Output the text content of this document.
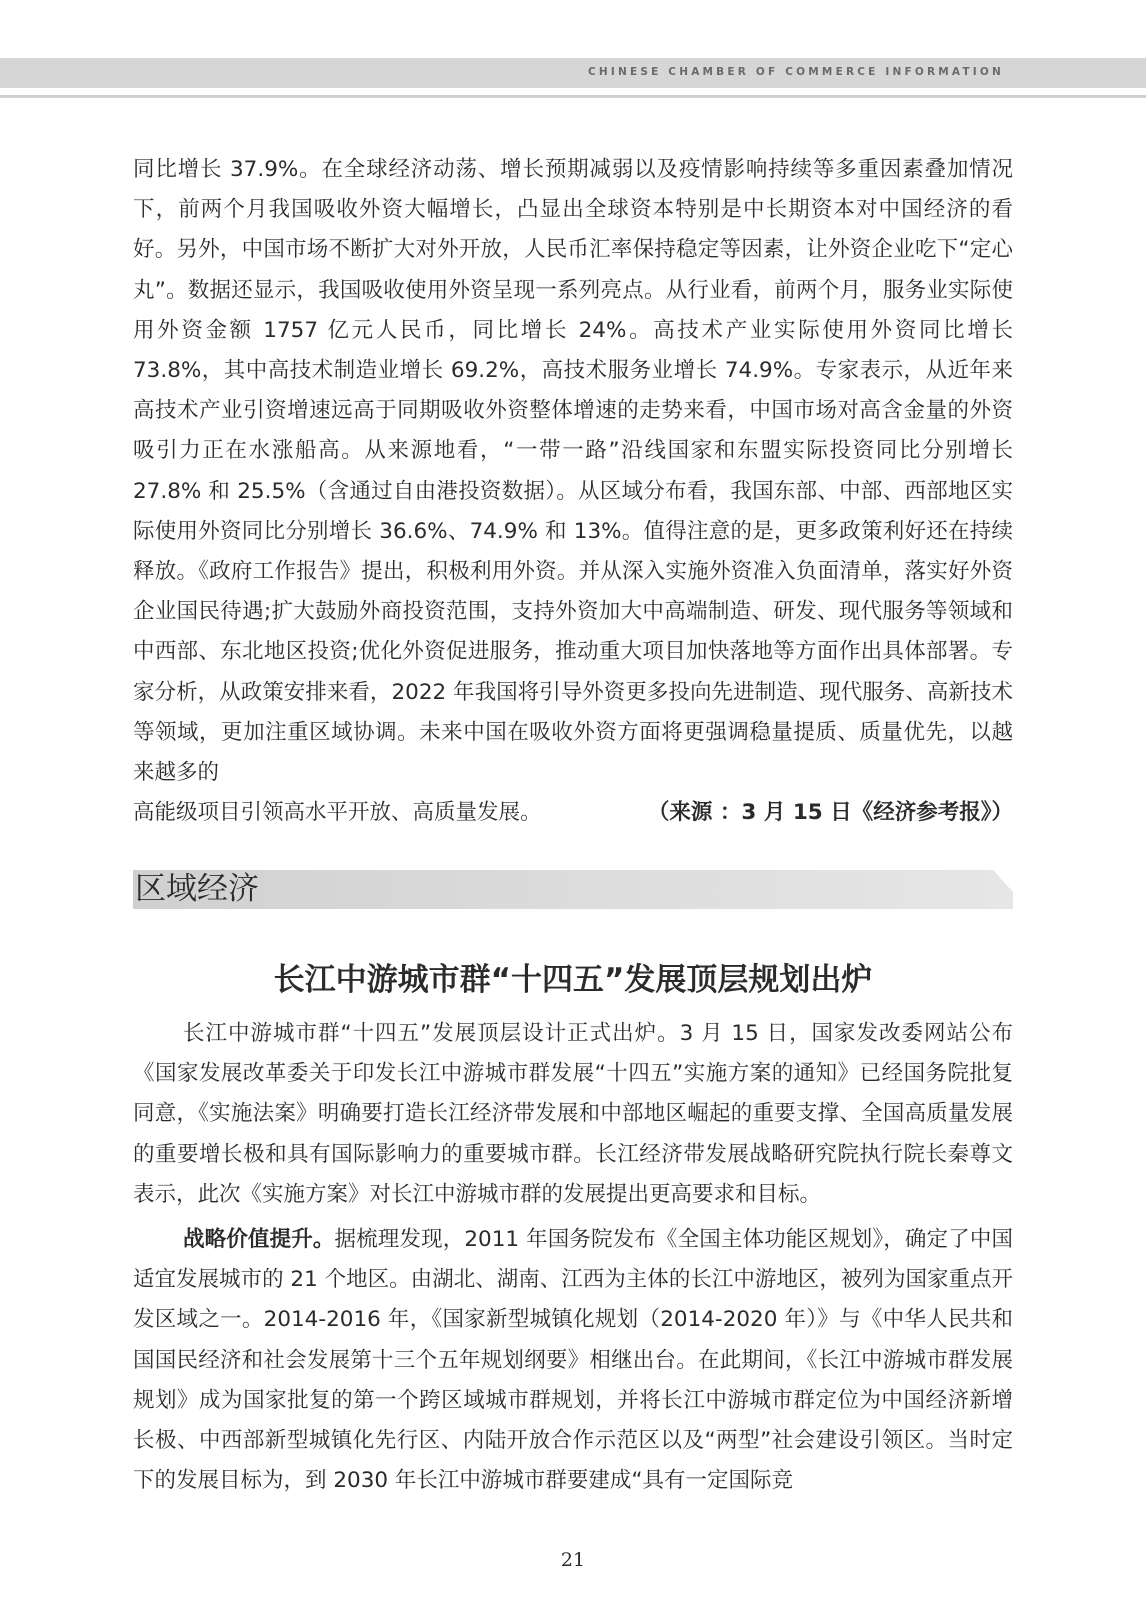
CHINESE CHAMBER OF COMMERCE INFORMATION
同比增长 37.9%。在全球经济动荡、增长预期减弱以及疫情影响持续等多重因素叠加情况下，前两个月我国吸收外资大幅增长，凸显出全球资本特别是中长期资本对中国经济的看好。另外，中国市场不断扩大对外开放，人民币汇率保持稳定等因素，让外资企业吃下“定心丸”。数据还显示，我国吸收使用外资呈现一系列亮点。从行业看，前两个月，服务业实际使用外资金额 1757 亿元人民币，同比增长 24%。高技术产业实际使用外资同比增长 73.8%，其中高技术制造业增长 69.2%，高技术服务业增长 74.9%。专家表示，从近年来高技术产业引资增速远高于同期吸收外资整体增速的走势来看，中国市场对高含金量的外资吸引力正在水涨船高。从来源地看，“一带一路”沿线国家和东盟实际投资同比分别增长 27.8% 和 25.5%（含通过自由港投资数据）。从区域分布看，我国东部、中部、西部地区实际使用外资同比分别增长 36.6%、74.9% 和 13%。值得注意的是，更多政策利好还在持续释放。《政府工作报告》提出，积极利用外资。并从深入实施外资准入负面清单，落实好外资企业国民待遇;扩大鼓励外商投资范围，支持外资加大中高端制造、研发、现代服务等领域和中西部、东北地区投资;优化外资促进服务，推动重大项目加快落地等方面作出具体部署。专家分析，从政策安排来看，2022 年我国将引导外资更多投向先进制造、现代服务、高新技术等领域，更加注重区域协调。未来中国在吸收外资方面将更强调稳量提质、质量优先，以越来越多的
高能级项目引领高水平开放、高质量发展。	（来源 ：3 月 15 日《经济参考报》）
区域经济
长江中游城市群“十四五”发展顶层规划出炉
长江中游城市群“十四五”发展顶层设计正式出炉。3 月 15 日，国家发改委网站公布《国家发展改革委关于印发长江中游城市群发展“十四五”实施方案的通知》已经国务院批复同意，《实施法案》明确要打造长江经济带发展和中部地区崛起的重要支撑、全国高质量发展的重要增长极和具有国际影响力的重要城市群。长江经济带发展战略研究院执行院长秦尊文表示，此次《实施方案》对长江中游城市群的发展提出更高要求和目标。
战略价值提升。据梳理发现，2011 年国务院发布《全国主体功能区规划》，确定了中国适宜发展城市的 21 个地区。由湖北、湖南、江西为主体的长江中游地区，被列为国家重点开发区域之一。2014-2016 年，《国家新型城镇化规划（2014-2020 年）》与《中华人民共和国国民经济和社会发展第十三个五年规划纲要》相继出台。在此期间，《长江中游城市群发展规划》成为国家批复的第一个跨区域城市群规划，并将长江中游城市群定位为中国经济新增长极、中西部新型城镇化先行区、内陆开放合作示范区以及“两型”社会建设引领区。当时定下的发展目标为，到 2030 年长江中游城市群要建成“具有一定国际竞
21
